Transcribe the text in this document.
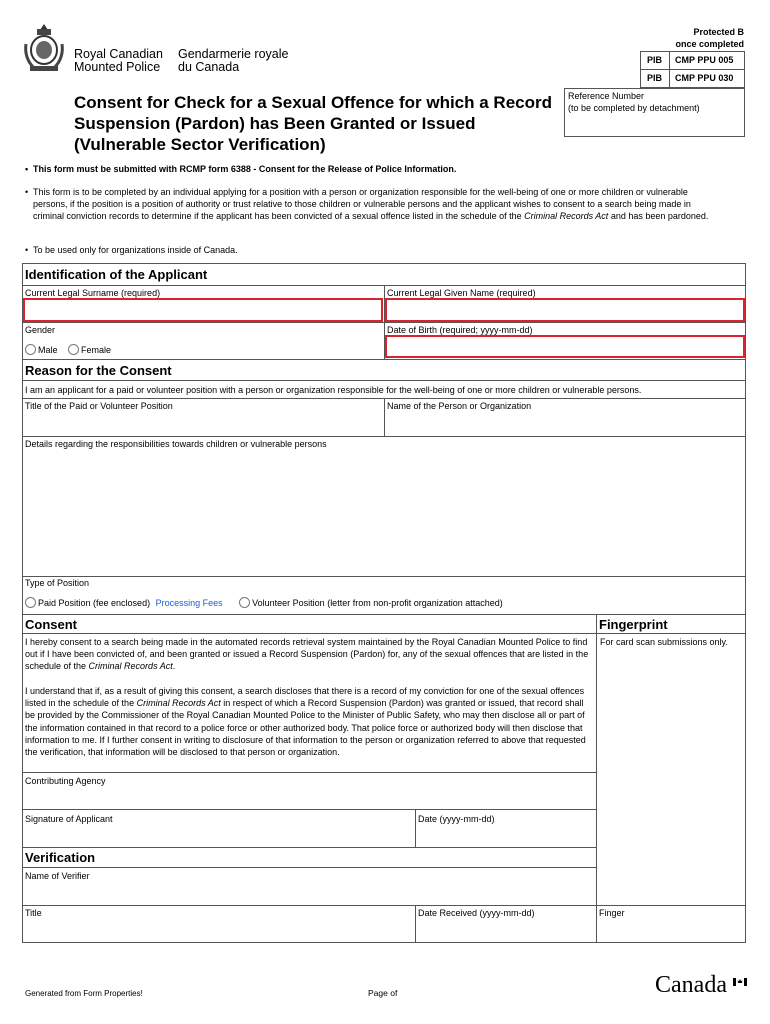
Royal Canadian
Mounted Police
Gendarmerie royale
du Canada
Protected B
once completed
PIB CMP PPU 005
PIB CMP PPU 030
Reference Number
(to be completed by detachment)
Consent for Check for a Sexual Offence for which a Record Suspension (Pardon) has Been Granted or Issued (Vulnerable Sector Verification)
• This form must be submitted with RCMP form 6388 - Consent for the Release of Police Information.
• This form is to be completed by an individual applying for a position with a person or organization responsible for the well-being of one or more children or vulnerable persons, if the position is a position of authority or trust relative to those children or vulnerable persons and the applicant wishes to consent to a search being made in criminal conviction records to determine if the applicant has been convicted of a sexual offence listed in the schedule of the Criminal Records Act and has been pardoned.
• To be used only for organizations inside of Canada.
Identification of the Applicant
Current Legal Surname (required)	Current Legal Given Name (required)
Gender
Male	Female
Date of Birth (required; yyyy-mm-dd)
Reason for the Consent
I am an applicant for a paid or volunteer position with a person or organization responsible for the well-being of one or more children or vulnerable persons.
Title of the Paid or Volunteer Position	Name of the Person or Organization
Details regarding the responsibilities towards children or vulnerable persons
Type of Position
Paid Position (fee enclosed) Processing Fees	Volunteer Position (letter from non-profit organization attached)
Consent	Fingerprint
For card scan submissions only.
I hereby consent to a search being made in the automated records retrieval system maintained by the Royal Canadian Mounted Police to find out if I have been convicted of, and been granted or issued a Record Suspension (Pardon) for, any of the sexual offences that are listed in the schedule of the Criminal Records Act.
I understand that if, as a result of giving this consent, a search discloses that there is a record of my conviction for one of the sexual offences listed in the schedule of the Criminal Records Act in respect of which a Record Suspension (Pardon) was granted or issued, that record shall be provided by the Commissioner of the Royal Canadian Mounted Police to the Minister of Public Safety, who may then disclose all or part of the information contained in that record to a police force or other authorized body. That police force or authorized body will then disclose that information to me. If I further consent in writing to disclosure of that information to the person or organization referred to above that requested the verification, that information will be disclosed to that person or organization.
Contributing Agency
Signature of Applicant	Date (yyyy-mm-dd)
Verification
Name of Verifier
Title	Date Received (yyyy-mm-dd)	Finger
Generated from Form Properties!	Page of	Canada
